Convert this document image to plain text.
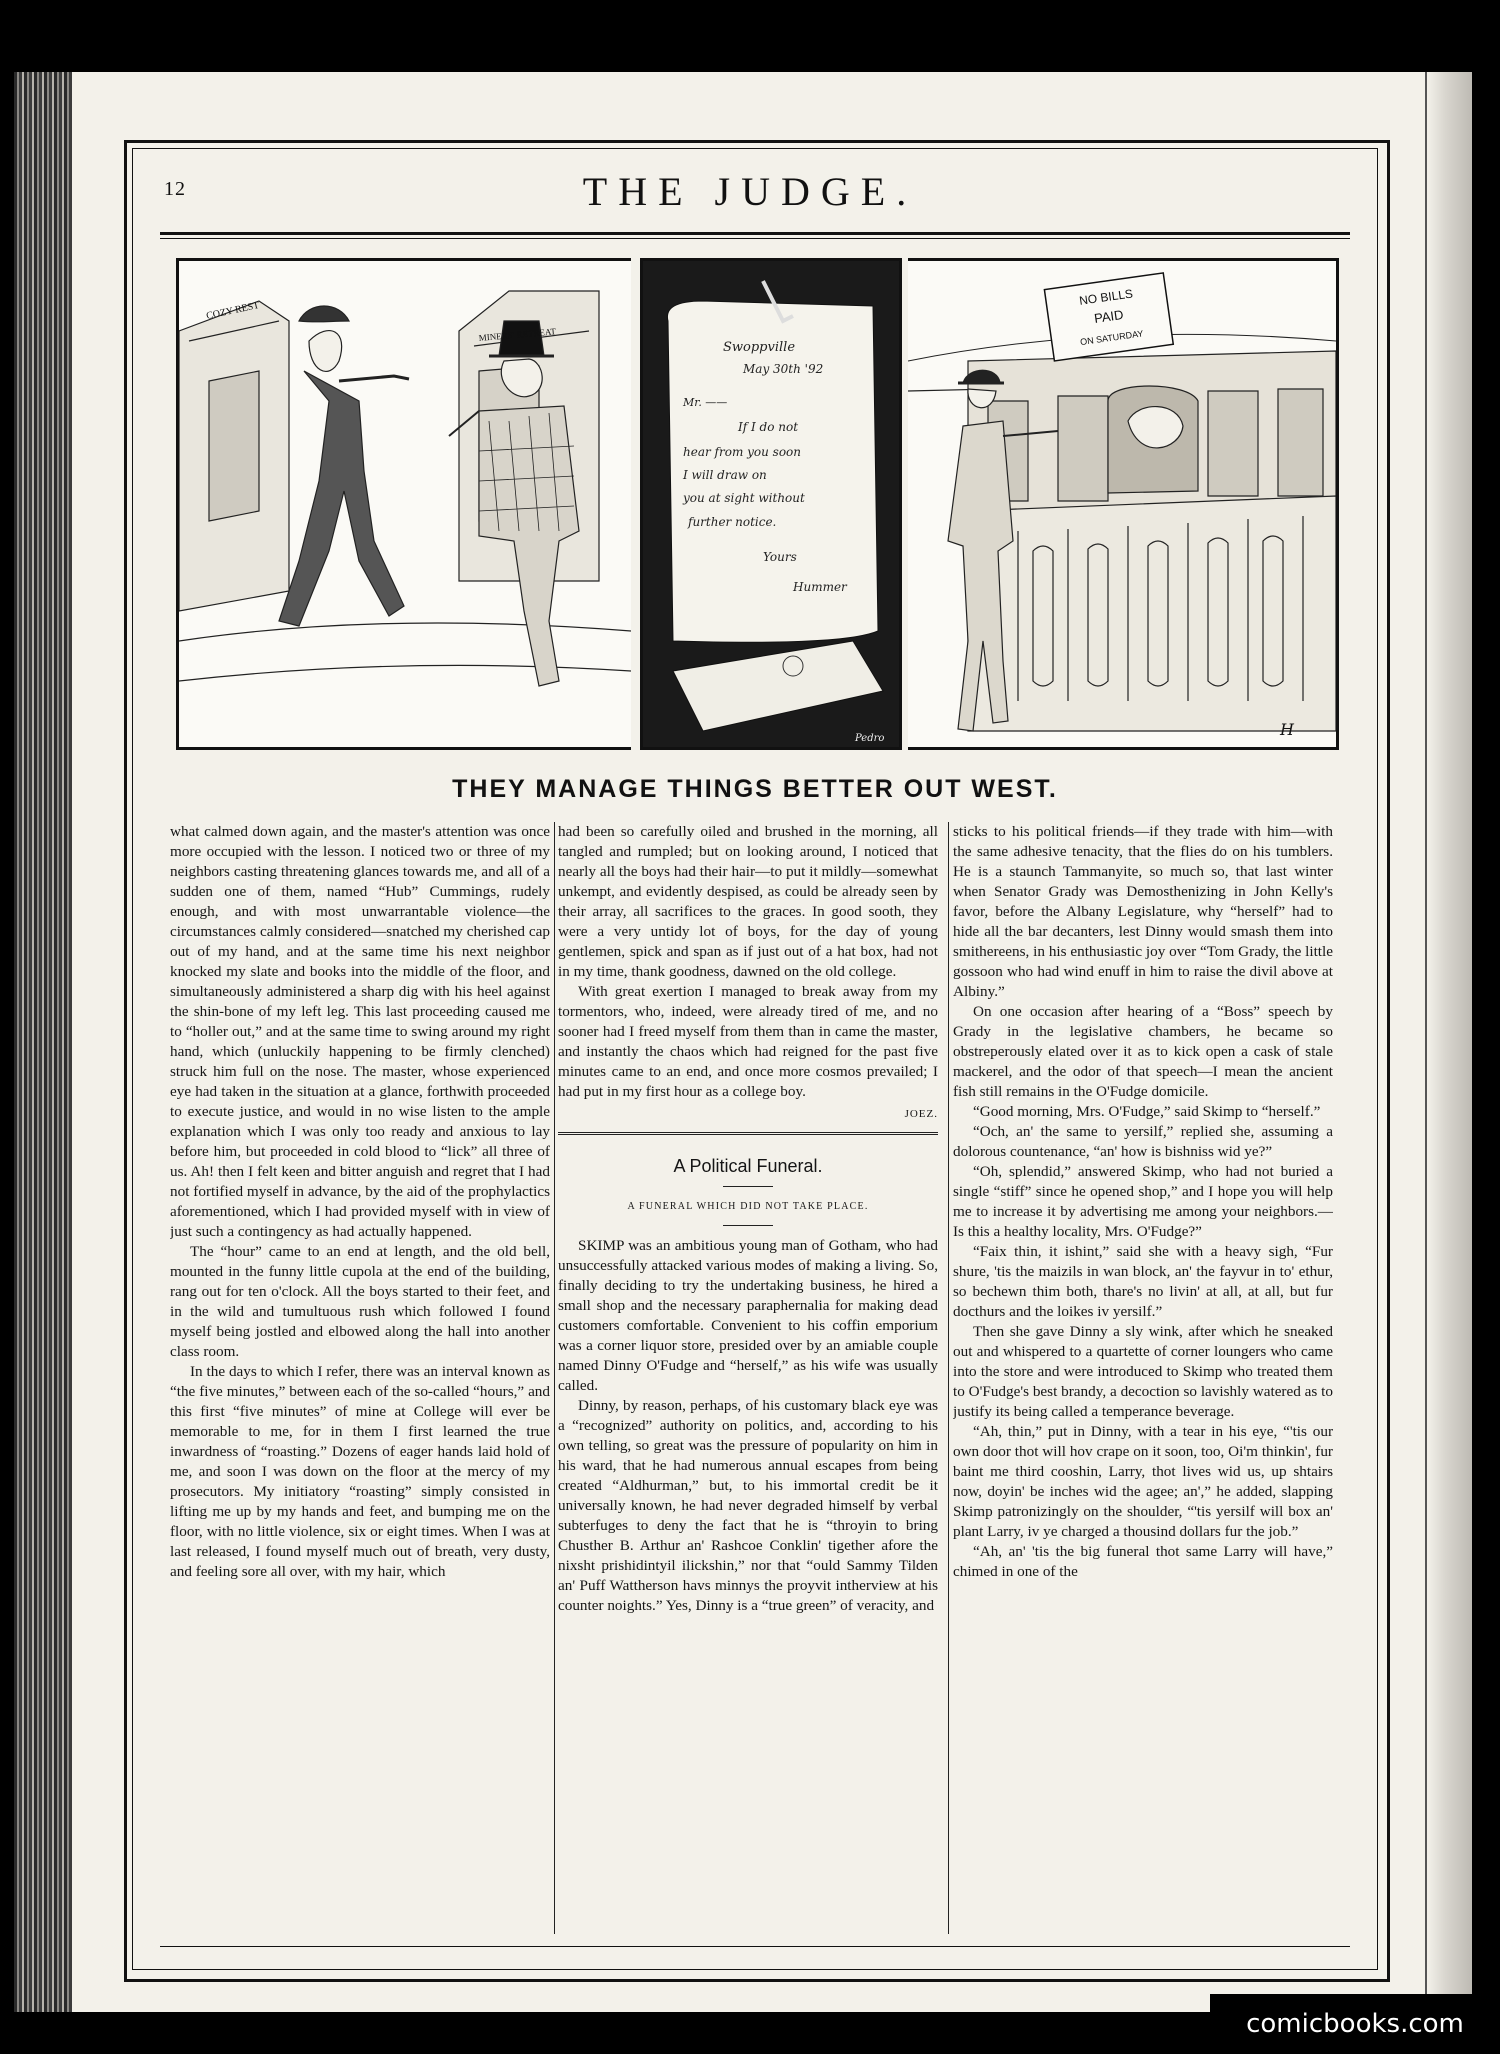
12	THE JUDGE.
COZY REST
MINERS' RETREAT
Swoppville
May 30th '92
Mr. ——
If I do not
hear from you soon
I will draw on
you at sight without
further notice.
Yours
Hummer
Pedro
NO BILLS
PAID
ON SATURDAY
H
THEY MANAGE THINGS BETTER OUT WEST.

what calmed down again, and the master's attention was once more occupied with the lesson. I noticed two or three of my neighbors casting threatening glances towards me, and all of a sudden one of them, named “Hub” Cummings, rudely enough, and with most unwarrantable violence—the circumstances calmly considered—snatched my cherished cap out of my hand, and at the same time his next neighbor knocked my slate and books into the middle of the floor, and simultaneously administered a sharp dig with his heel against the shin-bone of my left leg. This last proceeding caused me to “holler out,” and at the same time to swing around my right hand, which (unluckily happening to be firmly clenched) struck him full on the nose. The master, whose experienced eye had taken in the situation at a glance, forthwith proceeded to execute justice, and would in no wise listen to the ample explanation which I was only too ready and anxious to lay before him, but proceeded in cold blood to “lick” all three of us. Ah! then I felt keen and bitter anguish and regret that I had not fortified myself in advance, by the aid of the prophylactics aforementioned, which I had provided myself with in view of just such a contingency as had actually happened.

The “hour” came to an end at length, and the old bell, mounted in the funny little cupola at the end of the building, rang out for ten o'clock. All the boys started to their feet, and in the wild and tumultuous rush which followed I found myself being jostled and elbowed along the hall into another class room.

In the days to which I refer, there was an interval known as “the five minutes,” between each of the so-called “hours,” and this first “five minutes” of mine at College will ever be memorable to me, for in them I first learned the true inwardness of “roasting.” Dozens of eager hands laid hold of me, and soon I was down on the floor at the mercy of my prosecutors. My initiatory “roasting” simply consisted in lifting me up by my hands and feet, and bumping me on the floor, with no little violence, six or eight times. When I was at last released, I found myself much out of breath, very dusty, and feeling sore all over, with my hair, which

had been so carefully oiled and brushed in the morning, all tangled and rumpled; but on looking around, I noticed that nearly all the boys had their hair—to put it mildly—somewhat unkempt, and evidently despised, as could be already seen by their array, all sacrifices to the graces. In good sooth, they were a very untidy lot of boys, for the day of young gentlemen, spick and span as if just out of a hat box, had not in my time, thank goodness, dawned on the old college.

With great exertion I managed to break away from my tormentors, who, indeed, were already tired of me, and no sooner had I freed myself from them than in came the master, and instantly the chaos which had reigned for the past five minutes came to an end, and once more cosmos prevailed; I had put in my first hour as a college boy.

JOEZ.

A Political Funeral.

A FUNERAL WHICH DID NOT TAKE PLACE.

SKIMP was an ambitious young man of Gotham, who had unsuccessfully attacked various modes of making a living. So, finally deciding to try the undertaking business, he hired a small shop and the necessary paraphernalia for making dead customers comfortable. Convenient to his coffin emporium was a corner liquor store, presided over by an amiable couple named Dinny O'Fudge and “herself,” as his wife was usually called.

Dinny, by reason, perhaps, of his customary black eye was a “recognized” authority on politics, and, according to his own telling, so great was the pressure of popularity on him in his ward, that he had numerous annual escapes from being created “Aldhurman,” but, to his immortal credit be it universally known, he had never degraded himself by verbal subterfuges to deny the fact that he is “throyin to bring Chusther B. Arthur an' Rashcoe Conklin' tigether afore the nixsht prishidintyil ilickshin,” nor that “ould Sammy Tilden an' Puff Wattherson havs minnys the proyvit intherview at his counter noights.” Yes, Dinny is a “true green” of veracity, and

sticks to his political friends—if they trade with him—with the same adhesive tenacity, that the flies do on his tumblers. He is a staunch Tammanyite, so much so, that last winter when Senator Grady was Demosthenizing in John Kelly's favor, before the Albany Legislature, why “herself” had to hide all the bar decanters, lest Dinny would smash them into smithereens, in his enthusiastic joy over “Tom Grady, the little gossoon who had wind enuff in him to raise the divil above at Albiny.”

On one occasion after hearing of a “Boss” speech by Grady in the legislative chambers, he became so obstreperously elated over it as to kick open a cask of stale mackerel, and the odor of that speech—I mean the ancient fish still remains in the O'Fudge domicile.

“Good morning, Mrs. O'Fudge,” said Skimp to “herself.”

“Och, an' the same to yersilf,” replied she, assuming a dolorous countenance, “an' how is bishniss wid ye?”

“Oh, splendid,” answered Skimp, who had not buried a single “stiff” since he opened shop,” and I hope you will help me to increase it by advertising me among your neighbors.—Is this a healthy locality, Mrs. O'Fudge?”

“Faix thin, it ishint,” said she with a heavy sigh, “Fur shure, 'tis the maizils in wan block, an' the fayvur in to' ethur, so bechewn thim both, thare's no livin' at all, at all, but fur docthurs and the loikes iv yersilf.”

Then she gave Dinny a sly wink, after which he sneaked out and whispered to a quartette of corner loungers who came into the store and were introduced to Skimp who treated them to O'Fudge's best brandy, a decoction so lavishly watered as to justify its being called a temperance beverage.

“Ah, thin,” put in Dinny, with a tear in his eye, “'tis our own door thot will hov crape on it soon, too, Oi'm thinkin', fur baint me third cooshin, Larry, thot lives wid us, up shtairs now, doyin' be inches wid the agee; an',” he added, slapping Skimp patronizingly on the shoulder, “'tis yersilf will box an' plant Larry, iv ye charged a thousind dollars fur the job.”

“Ah, an' 'tis the big funeral thot same Larry will have,” chimed in one of the

comicbooks.com
